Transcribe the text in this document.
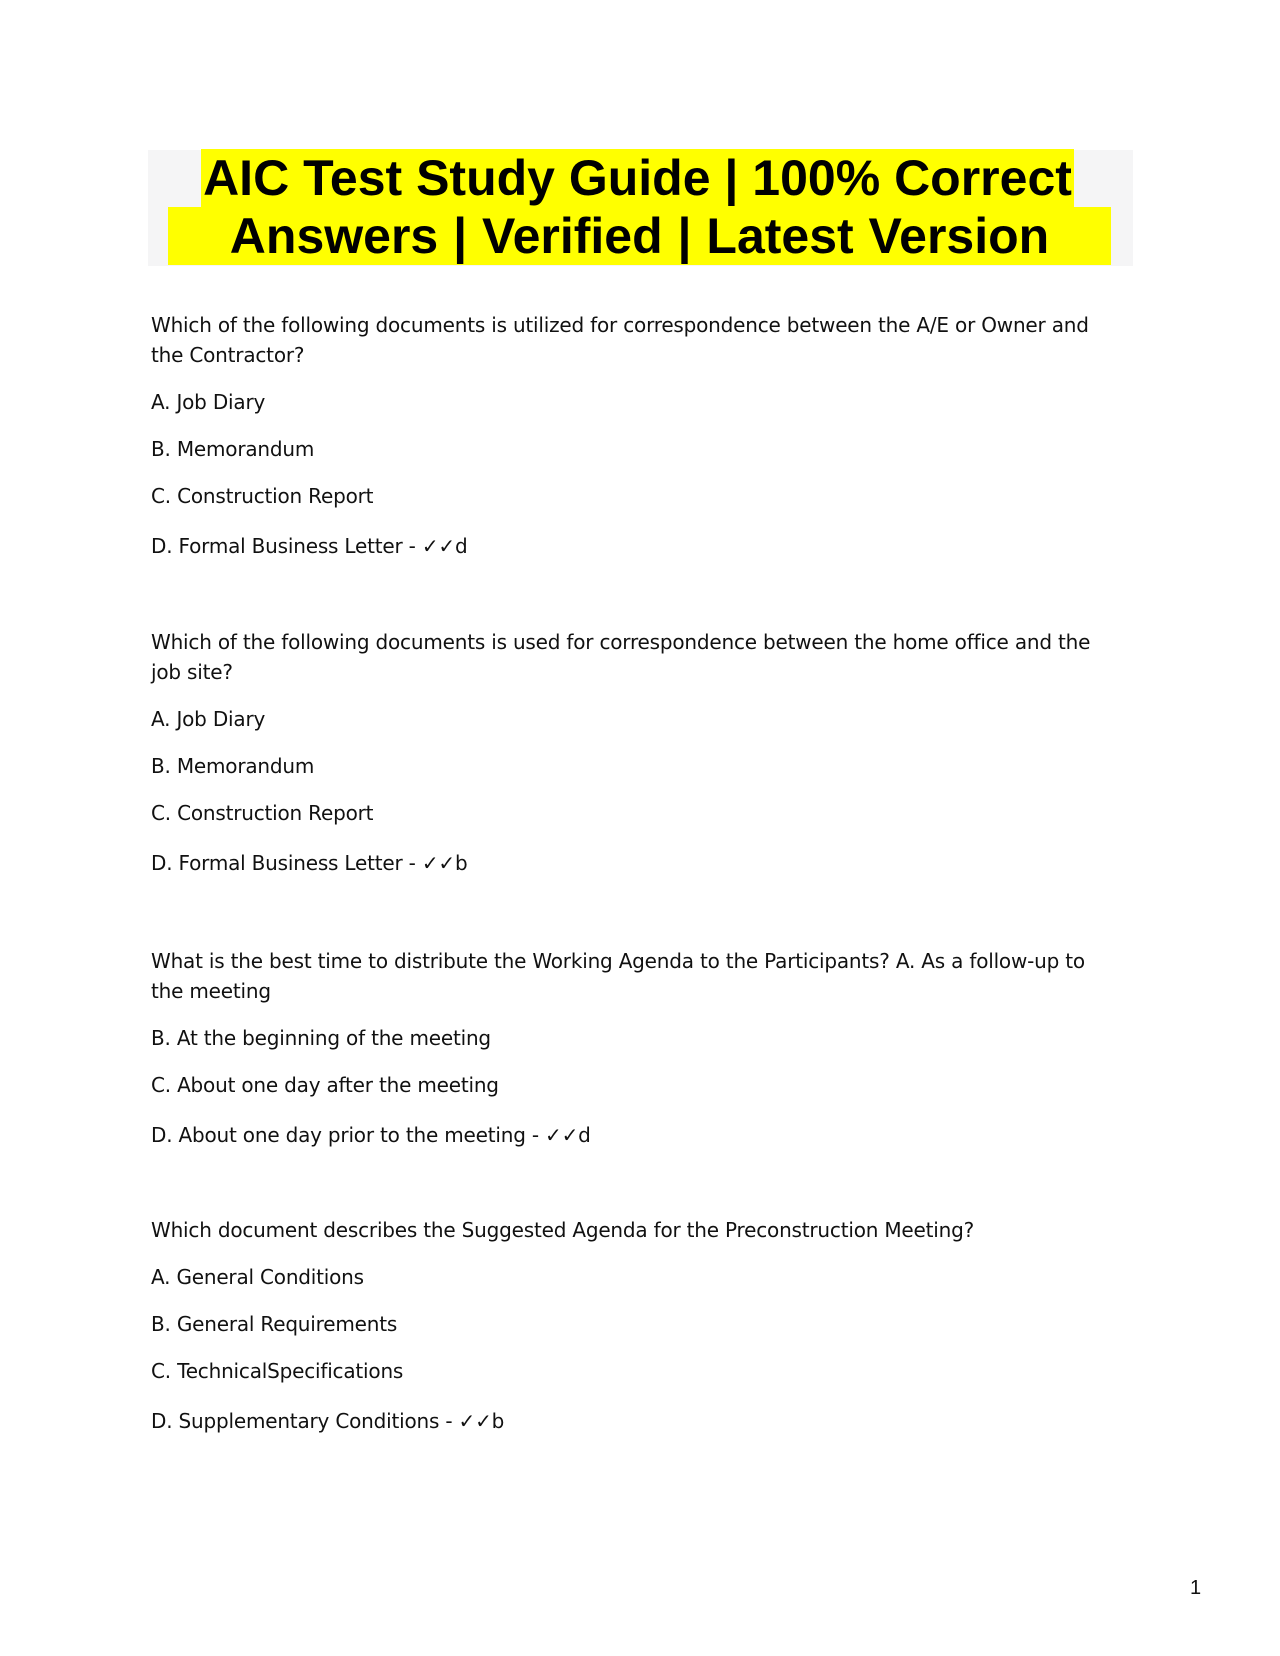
AIC Test Study Guide | 100% Correct
Answers | Verified | Latest Version

Which of the following documents is utilized for correspondence between the A/E or Owner and the Contractor?

A. Job Diary

B. Memorandum

C. Construction Report

D. Formal Business Letter - ✓✓d

Which of the following documents is used for correspondence between the home office and the job site?

A. Job Diary

B. Memorandum

C. Construction Report

D. Formal Business Letter - ✓✓b

What is the best time to distribute the Working Agenda to the Participants? A. As a follow-up to the meeting

B. At the beginning of the meeting

C. About one day after the meeting

D. About one day prior to the meeting - ✓✓d

Which document describes the Suggested Agenda for the Preconstruction Meeting?

A. General Conditions

B. General Requirements

C. TechnicalSpecifications

D. Supplementary Conditions - ✓✓b

1
